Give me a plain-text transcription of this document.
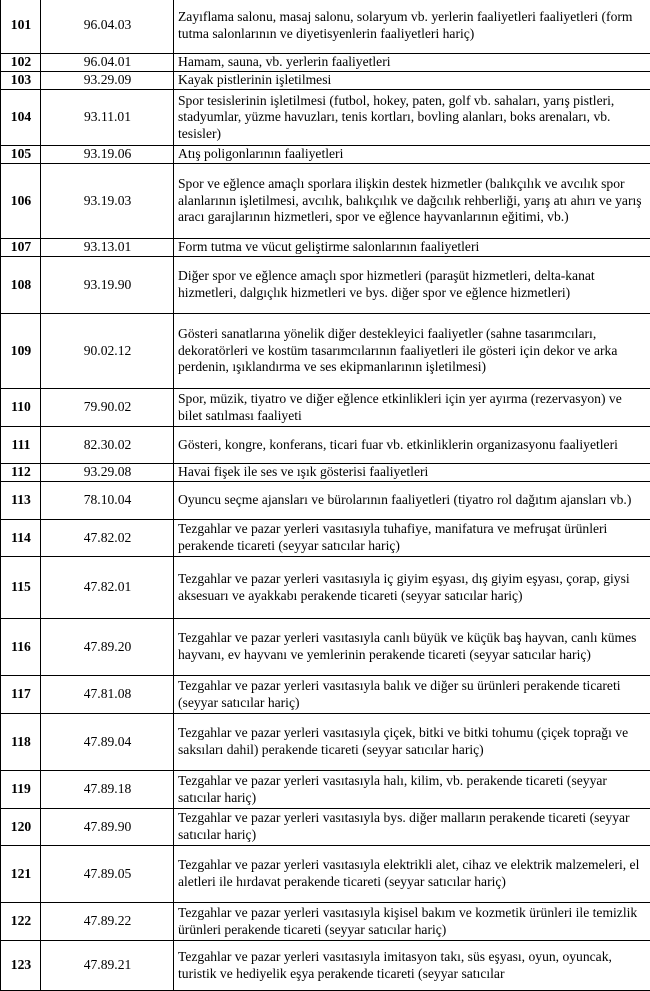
101	96.04.03	Zayıflama salonu, masaj salonu, solaryum vb. yerlerin faaliyetleri faaliyetleri (form tutma salonlarının ve diyetisyenlerin faaliyetleri hariç)
102	96.04.01	Hamam, sauna, vb. yerlerin faaliyetleri
103	93.29.09	Kayak pistlerinin işletilmesi
104	93.11.01	Spor tesislerinin işletilmesi (futbol, hokey, paten, golf vb. sahaları, yarış pistleri, stadyumlar, yüzme havuzları, tenis kortları, bovling alanları, boks arenaları, vb. tesisler)
105	93.19.06	Atış poligonlarının faaliyetleri
106	93.19.03	Spor ve eğlence amaçlı sporlara ilişkin destek hizmetler (balıkçılık ve avcılık spor alanlarının işletilmesi, avcılık, balıkçılık ve dağcılık rehberliği, yarış atı ahırı ve yarış aracı garajlarının hizmetleri, spor ve eğlence hayvanlarının eğitimi, vb.)
107	93.13.01	Form tutma ve vücut geliştirme salonlarının faaliyetleri
108	93.19.90	Diğer spor ve eğlence amaçlı spor hizmetleri (paraşüt hizmetleri, delta-kanat hizmetleri, dalgıçlık hizmetleri ve bys. diğer spor ve eğlence hizmetleri)
109	90.02.12	Gösteri sanatlarına yönelik diğer destekleyici faaliyetler (sahne tasarımcıları, dekoratörleri ve kostüm tasarımcılarının faaliyetleri ile gösteri için dekor ve arka perdenin, ışıklandırma ve ses ekipmanlarının işletilmesi)
110	79.90.02	Spor, müzik, tiyatro ve diğer eğlence etkinlikleri için yer ayırma (rezervasyon) ve bilet satılması faaliyeti
111	82.30.02	Gösteri, kongre, konferans, ticari fuar vb. etkinliklerin organizasyonu faaliyetleri
112	93.29.08	Havai fişek ile ses ve ışık gösterisi faaliyetleri
113	78.10.04	Oyuncu seçme ajansları ve bürolarının faaliyetleri (tiyatro rol dağıtım ajansları vb.)
114	47.82.02	Tezgahlar ve pazar yerleri vasıtasıyla tuhafiye, manifatura ve mefruşat ürünleri perakende ticareti (seyyar satıcılar hariç)
115	47.82.01	Tezgahlar ve pazar yerleri vasıtasıyla iç giyim eşyası, dış giyim eşyası, çorap, giysi aksesuarı ve ayakkabı perakende ticareti (seyyar satıcılar hariç)
116	47.89.20	Tezgahlar ve pazar yerleri vasıtasıyla canlı büyük ve küçük baş hayvan, canlı kümes hayvanı, ev hayvanı ve yemlerinin perakende ticareti (seyyar satıcılar hariç)
117	47.81.08	Tezgahlar ve pazar yerleri vasıtasıyla balık ve diğer su ürünleri perakende ticareti (seyyar satıcılar hariç)
118	47.89.04	Tezgahlar ve pazar yerleri vasıtasıyla çiçek, bitki ve bitki tohumu (çiçek toprağı ve saksıları dahil) perakende ticareti (seyyar satıcılar hariç)
119	47.89.18	Tezgahlar ve pazar yerleri vasıtasıyla halı, kilim, vb. perakende ticareti (seyyar satıcılar hariç)
120	47.89.90	Tezgahlar ve pazar yerleri vasıtasıyla bys. diğer malların perakende ticareti (seyyar satıcılar hariç)
121	47.89.05	Tezgahlar ve pazar yerleri vasıtasıyla elektrikli alet, cihaz ve elektrik malzemeleri, el aletleri ile hırdavat perakende ticareti (seyyar satıcılar hariç)
122	47.89.22	Tezgahlar ve pazar yerleri vasıtasıyla kişisel bakım ve kozmetik ürünleri ile temizlik ürünleri perakende ticareti (seyyar satıcılar hariç)
123	47.89.21	Tezgahlar ve pazar yerleri vasıtasıyla imitasyon takı, süs eşyası, oyun, oyuncak, turistik ve hediyelik eşya perakende ticareti (seyyar satıcılar
